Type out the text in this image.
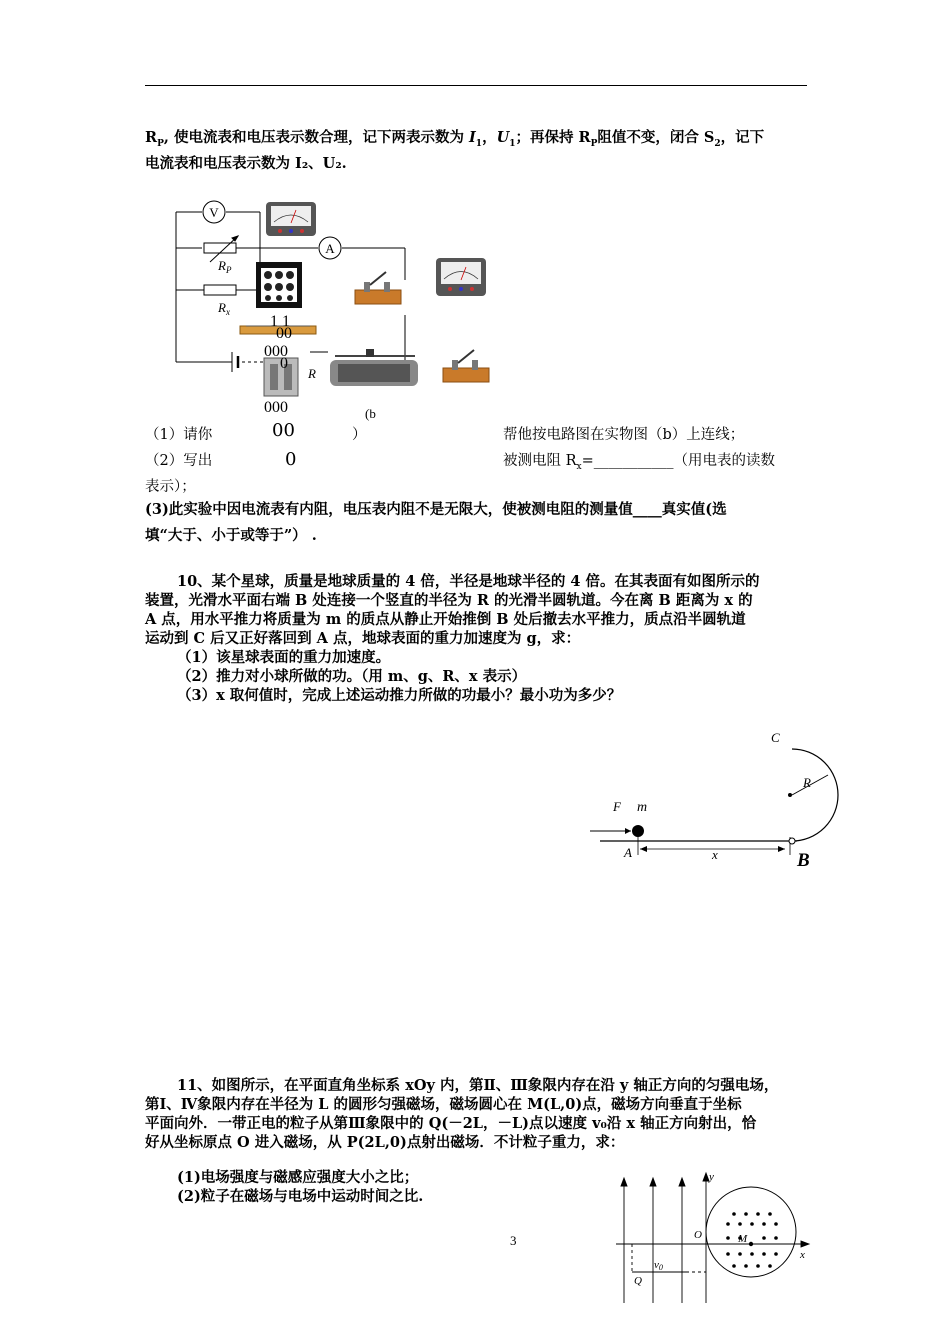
$R_P$, 使电流表和电压表示数合理，记下两表示数为 $I_1$，$U_1$；再保持 $R_P$阻值不变，闭合 $S_2$，记下
电流表和电压表示数为 I₂、U₂.
V
A
$R_P$
$R_x$
R
(b
1 1
00
000
0
000
（1）请你	00	）	帮他按电路图在实物图（b）上连线；
（2）写出	0	被测电阻 $R_x=\_\_\_\_\_\_\_\_\_\_\_$（用电表的读数
表示）；
(3)此实验中因电流表有内阻，电压表内阻不是无限大，使被测电阻的测量值____真实值(选
填“大于、小于或等于”） .
10、某个星球，质量是地球质量的 4 倍，半径是地球半径的 4 倍。在其表面有如图所示的
装置，光滑水平面右端 B 处连接一个竖直的半径为 R 的光滑半圆轨道。今在离 B 距离为 x 的
A 点，用水平推力将质量为 m 的质点从静止开始推倒 B 处后撤去水平推力，质点沿半圆轨道
运动到 C 后又正好落回到 A 点，地球表面的重力加速度为 g，求：
（1）该星球表面的重力加速度。
（2）推力对小球所做的功。（用 m、g、R、x 表示）
（3）x 取何值时，完成上述运动推力所做的功最小？最小功为多少？
C
R
F m
A	x	B
11、如图所示，在平面直角坐标系 xOy 内，第Ⅱ、Ⅲ象限内存在沿 y 轴正方向的匀强电场，
第Ⅰ、Ⅳ象限内存在半径为 L 的圆形匀强磁场，磁场圆心在 M(L,0)点，磁场方向垂直于坐标
平面向外．一带正电的粒子从第Ⅲ象限中的 Q(－2L，－L)点以速度 v₀沿 x 轴正方向射出，恰
好从坐标原点 O 进入磁场，从 P(2L,0)点射出磁场．不计粒子重力，求：
(1)电场强度与磁感应强度大小之比；
(2)粒子在磁场与电场中运动时间之比.
y
x
O	M
Q
v0
3
